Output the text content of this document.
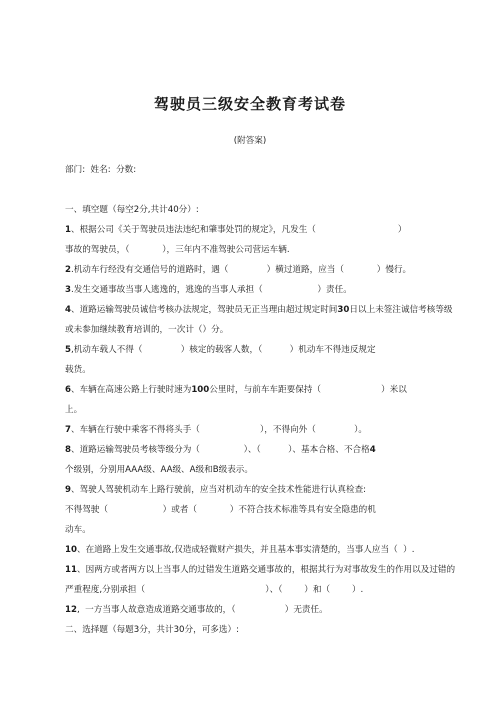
驾驶员三级安全教育考试卷

(附答案)

部门:  姓名:  分数:

一、填空题（每空2分,共计40分）:

1、根据公司《关于驾驶员违法违纪和肇事处罚的规定》，凡发生（                              ）

事故的驾驶员，（            ），三年内不准驾驶公司营运车辆.

2.机动车行经没有交通信号的道路时，遇（              ）横过道路，应当（            ）慢行。

3.发生交通事故当事人逃逸的，逃逸的当事人承担（                    ）责任。

4、道路运输驾驶员诚信考核办法规定，驾驶员无正当理由超过规定时间30日以上未签注诚信考核等级

或未参加继续教育培训的，一次计（）分。

5,机动车载人不得（              ）核定的载客人数，（          ）机动车不得违反规定

载货。

6、车辆在高速公路上行驶时速为100公里时，与前车车距要保持（                      ）米以

上。

7、车辆在行驶中乘客不得将头手（                      ），不得向外（              ）。

8、道路运输驾驶员考核等级分为（                ）、（          ）、基本合格、不合格4

个级别，分别用AAA级、AA级、A级和B级表示。

9、驾驶人驾驶机动车上路行驶前，应当对机动车的安全技术性能进行认真检查:

不得驾驶（                    ）或者（            ）不符合技术标准等具有安全隐患的机

动车。

10、在道路上发生交通事故,仅造成轻微财产损失，并且基本事实清楚的，当事人应当（  ）.

11、因两方或者两方以上当事人的过错发生道路交通事故的，根据其行为对事故发生的作用以及过错的

严重程度,分别承担（                                            ）、（        ）和（        ）.

12,  一方当事人故意造成道路交通事故的，（                  ）无责任。

二、选择题（每题3分，共计30分，可多选）:
